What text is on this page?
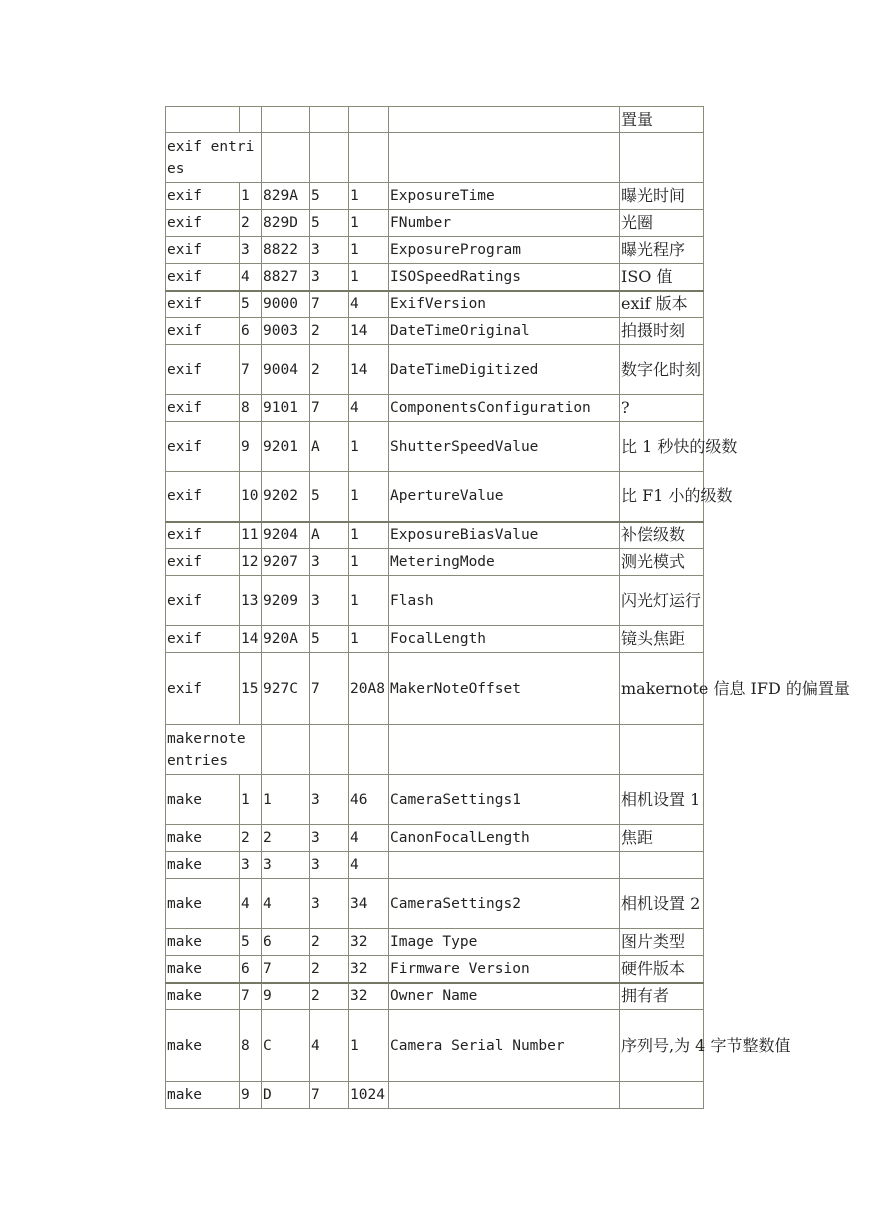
						置量
exif entries						
exif	1	829A	5	1	ExposureTime	曝光时间
exif	2	829D	5	1	FNumber	光圈
exif	3	8822	3	1	ExposureProgram	曝光程序
exif	4	8827	3	1	ISOSpeedRatings	ISO 值
exif	5	9000	7	4	ExifVersion	exif 版本
exif	6	9003	2	14	DateTimeOriginal	拍摄时刻
exif	7	9004	2	14	DateTimeDigitized	数字化时刻
exif	8	9101	7	4	ComponentsConfiguration	?
exif	9	9201	A	1	ShutterSpeedValue	比 1 秒快的级数
exif	10	9202	5	1	ApertureValue	比 F1 小的级数
exif	11	9204	A	1	ExposureBiasValue	补偿级数
exif	12	9207	3	1	MeteringMode	测光模式
exif	13	9209	3	1	Flash	闪光灯运行
exif	14	920A	5	1	FocalLength	镜头焦距
exif	15	927C	7	20A8	MakerNoteOffset	makernote 信息 IFD 的偏置量
makernote entries						
make	1	1	3	46	CameraSettings1	相机设置 1
make	2	2	3	4	CanonFocalLength	焦距
make	3	3	3	4		
make	4	4	3	34	CameraSettings2	相机设置 2
make	5	6	2	32	Image Type	图片类型
make	6	7	2	32	Firmware Version	硬件版本
make	7	9	2	32	Owner Name	拥有者
make	8	C	4	1	Camera Serial Number	序列号,为 4 字节整数值
make	9	D	7	1024		
